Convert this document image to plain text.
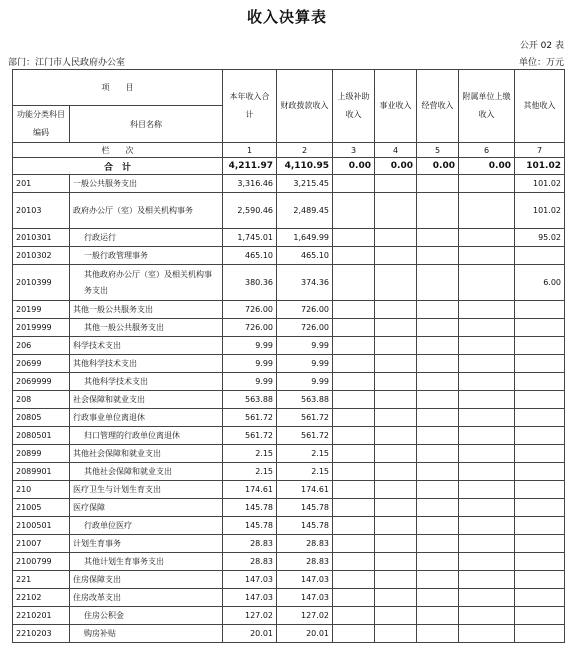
收入决算表
公开 02 表
部门：江门市人民政府办公室	单位：万元
项　　目		本年收入合计	财政拨款收入	上级补助收入	事业收入	经营收入	附属单位上缴收入	其他收入
功能分类科目编码	科目名称							
栏　　次		1	2	3	4	5	6	7
合　计		4,211.97	4,110.95	0.00	0.00	0.00	0.00	101.02
201	一般公共服务支出	3,316.46	3,215.45					101.02
20103	政府办公厅（室）及相关机构事务	2,590.46	2,489.45					101.02
2010301	行政运行	1,745.01	1,649.99					95.02
2010302	一般行政管理事务	465.10	465.10					
2010399	其他政府办公厅（室）及相关机构事务支出	380.36	374.36					6.00
20199	其他一般公共服务支出	726.00	726.00					
2019999	其他一般公共服务支出	726.00	726.00					
206	科学技术支出	9.99	9.99					
20699	其他科学技术支出	9.99	9.99					
2069999	其他科学技术支出	9.99	9.99					
208	社会保障和就业支出	563.88	563.88					
20805	行政事业单位离退休	561.72	561.72					
2080501	归口管理的行政单位离退休	561.72	561.72					
20899	其他社会保障和就业支出	2.15	2.15					
2089901	其他社会保障和就业支出	2.15	2.15					
210	医疗卫生与计划生育支出	174.61	174.61					
21005	医疗保障	145.78	145.78					
2100501	行政单位医疗	145.78	145.78					
21007	计划生育事务	28.83	28.83					
2100799	其他计划生育事务支出	28.83	28.83					
221	住房保障支出	147.03	147.03					
22102	住房改革支出	147.03	147.03					
2210201	住房公积金	127.02	127.02					
2210203	购房补贴	20.01	20.01					
